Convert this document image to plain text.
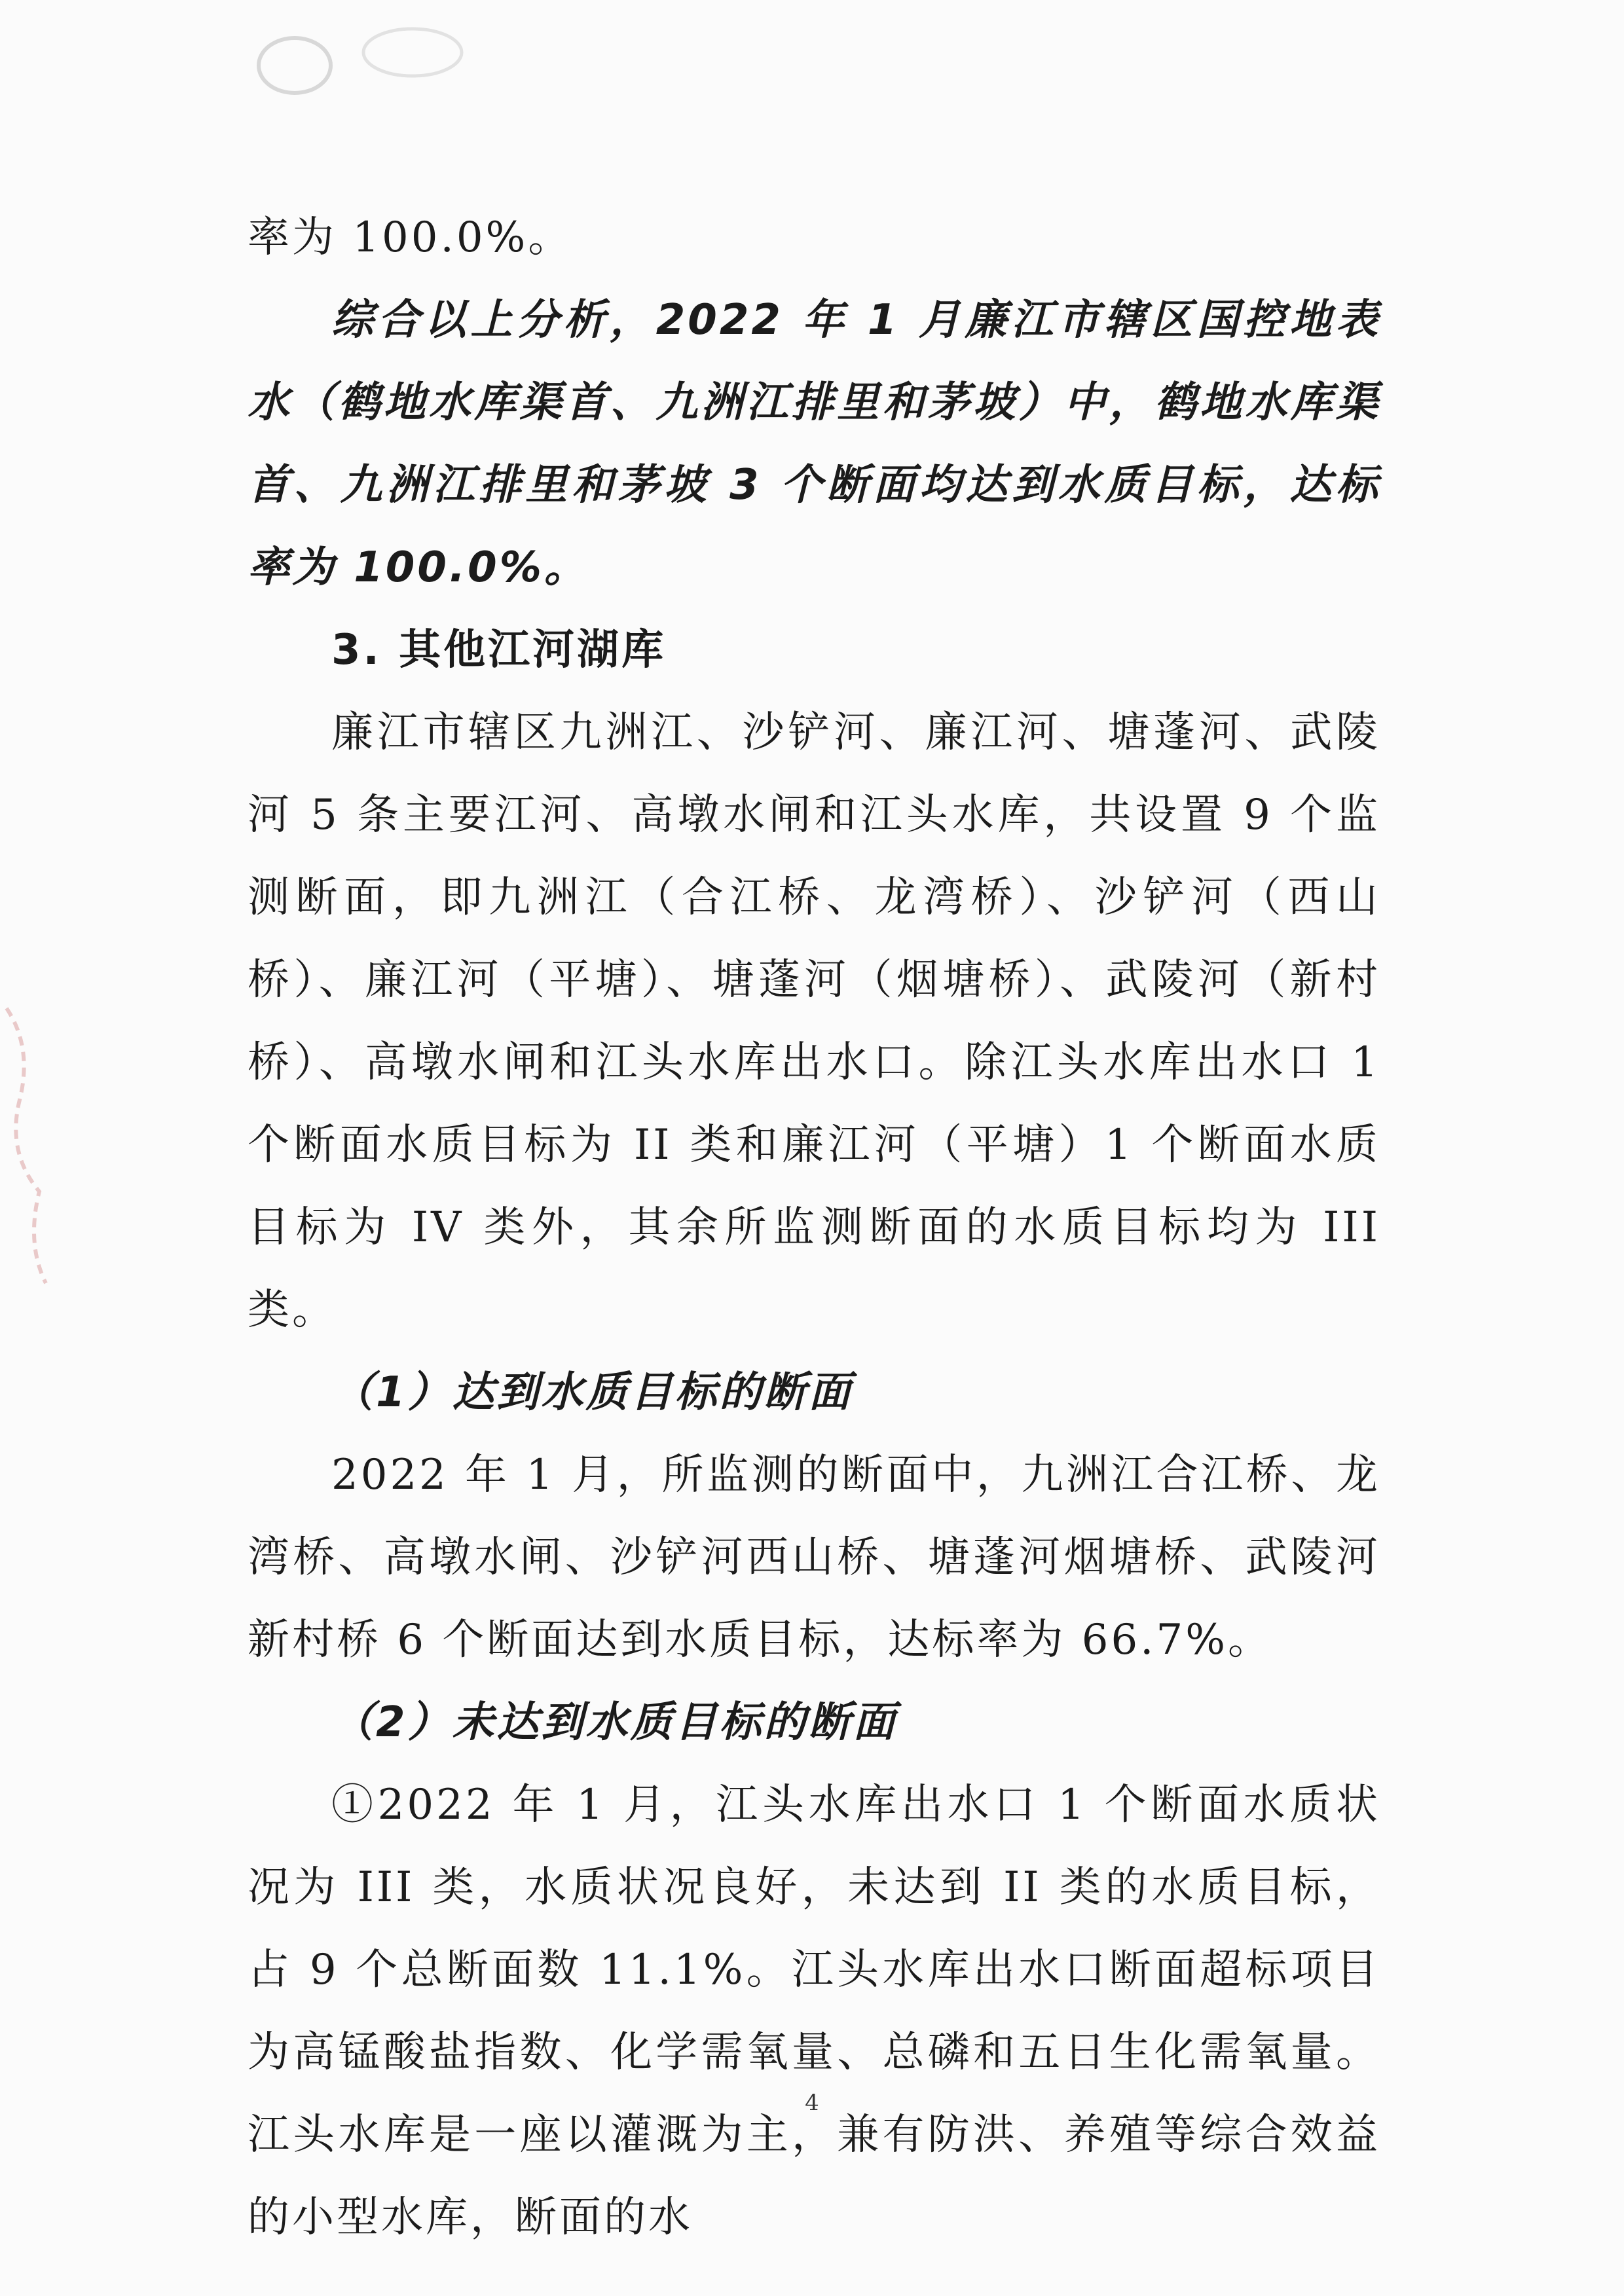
率为 100.0%。

综合以上分析，2022 年 1 月廉江市辖区国控地表水（鹤地水库渠首、九洲江排里和茅坡）中，鹤地水库渠首、九洲江排里和茅坡 3 个断面均达到水质目标，达标率为 100.0%。

3. 其他江河湖库

廉江市辖区九洲江、沙铲河、廉江河、塘蓬河、武陵河 5 条主要江河、高墩水闸和江头水库，共设置 9 个监测断面，即九洲江（合江桥、龙湾桥）、沙铲河（西山桥）、廉江河（平塘）、塘蓬河（烟塘桥）、武陵河（新村桥）、高墩水闸和江头水库出水口。除江头水库出水口 1 个断面水质目标为 II 类和廉江河（平塘）1 个断面水质目标为 IV 类外，其余所监测断面的水质目标均为 III 类。

（1）达到水质目标的断面

2022 年 1 月，所监测的断面中，九洲江合江桥、龙湾桥、高墩水闸、沙铲河西山桥、塘蓬河烟塘桥、武陵河新村桥 6 个断面达到水质目标，达标率为 66.7%。

（2）未达到水质目标的断面

①2022 年 1 月，江头水库出水口 1 个断面水质状况为 III 类，水质状况良好，未达到 II 类的水质目标，占 9 个总断面数 11.1%。江头水库出水口断面超标项目为高锰酸盐指数、化学需氧量、总磷和五日生化需氧量。江头水库是一座以灌溉为主，兼有防洪、养殖等综合效益的小型水库，断面的水

4
